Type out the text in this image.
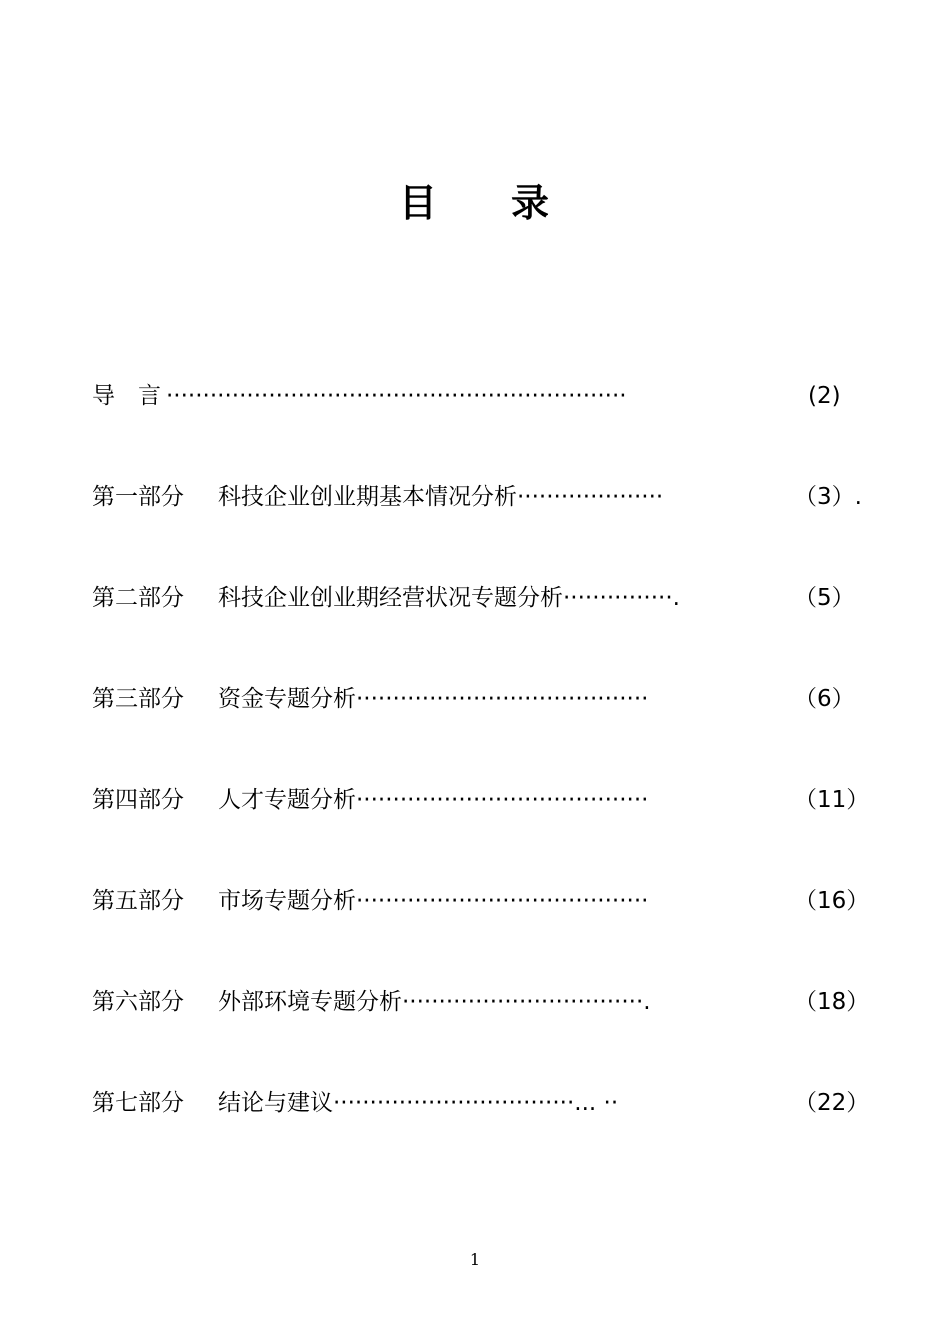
目 录
导　言 ·······························································	(2)
第一部分 科技企业创业期基本情况分析····················	（3）.
第二部分 科技企业创业期经营状况专题分析···············.	（5）
第三部分 资金专题分析········································	（6）
第四部分 人才专题分析········································	（11）
第五部分 市场专题分析········································	（16）
第六部分 外部环境专题分析·································.	（18）
第七部分 结论与建议·································... ··	（22）
1
